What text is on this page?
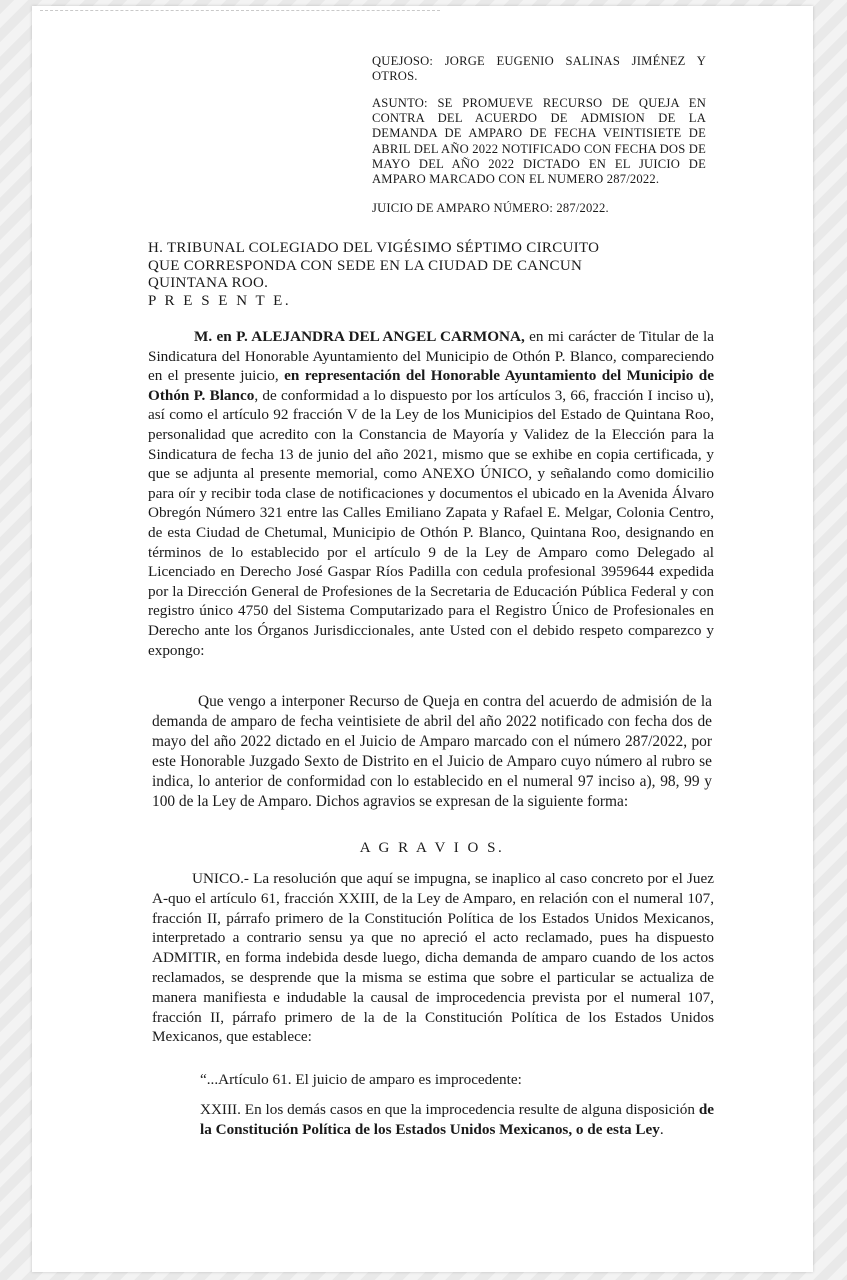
QUEJOSO: JORGE EUGENIO SALINAS JIMÉNEZ Y OTROS.

ASUNTO: SE PROMUEVE RECURSO DE QUEJA EN CONTRA DEL ACUERDO DE ADMISION DE LA DEMANDA DE AMPARO DE FECHA VEINTISIETE DE ABRIL DEL AÑO 2022 NOTIFICADO CON FECHA DOS DE MAYO DEL AÑO 2022 DICTADO EN EL JUICIO DE AMPARO MARCADO CON EL NUMERO 287/2022.

JUICIO DE AMPARO NÚMERO: 287/2022.

H. TRIBUNAL COLEGIADO DEL VIGÉSIMO SÉPTIMO CIRCUITO
QUE CORRESPONDA CON SEDE EN LA CIUDAD DE CANCUN
QUINTANA ROO.
P R E S E N T E.

M. en P. ALEJANDRA DEL ANGEL CARMONA, en mi carácter de Titular de la Sindicatura del Honorable Ayuntamiento del Municipio de Othón P. Blanco, compareciendo en el presente juicio, en representación del Honorable Ayuntamiento del Municipio de Othón P. Blanco, de conformidad a lo dispuesto por los artículos 3, 66, fracción I inciso u), así como el artículo 92 fracción V de la Ley de los Municipios del Estado de Quintana Roo, personalidad que acredito con la Constancia de Mayoría y Validez de la Elección para la Sindicatura de fecha 13 de junio del año 2021, mismo que se exhibe en copia certificada, y que se adjunta al presente memorial, como ANEXO ÚNICO, y señalando como domicilio para oír y recibir toda clase de notificaciones y documentos el ubicado en la Avenida Álvaro Obregón Número 321 entre las Calles Emiliano Zapata y Rafael E. Melgar, Colonia Centro, de esta Ciudad de Chetumal, Municipio de Othón P. Blanco, Quintana Roo, designando en términos de lo establecido por el artículo 9 de la Ley de Amparo como Delegado al Licenciado en Derecho José Gaspar Ríos Padilla con cedula profesional 3959644 expedida por la Dirección General de Profesiones de la Secretaria de Educación Pública Federal y con registro único 4750 del Sistema Computarizado para el Registro Único de Profesionales en Derecho ante los Órganos Jurisdiccionales, ante Usted con el debido respeto comparezco y expongo:

Que vengo a interponer Recurso de Queja en contra del acuerdo de admisión de la demanda de amparo de fecha veintisiete de abril del año 2022 notificado con fecha dos de mayo del año 2022 dictado en el Juicio de Amparo marcado con el número 287/2022, por este Honorable Juzgado Sexto de Distrito en el Juicio de Amparo cuyo número al rubro se indica, lo anterior de conformidad con lo establecido en el numeral 97 inciso a), 98, 99 y 100 de la Ley de Amparo. Dichos agravios se expresan de la siguiente forma:

A G R A V I O S.

UNICO.- La resolución que aquí se impugna, se inaplico al caso concreto por el Juez A-quo el artículo 61, fracción XXIII, de la Ley de Amparo, en relación con el numeral 107, fracción II, párrafo primero de la Constitución Política de los Estados Unidos Mexicanos, interpretado a contrario sensu ya que no apreció el acto reclamado, pues ha dispuesto ADMITIR, en forma indebida desde luego, dicha demanda de amparo cuando de los actos reclamados, se desprende que la misma se estima que sobre el particular se actualiza de manera manifiesta e indudable la causal de improcedencia prevista por el numeral 107, fracción II, párrafo primero de la de la Constitución Política de los Estados Unidos Mexicanos, que establece:

“...Artículo 61. El juicio de amparo es improcedente:

XXIII. En los demás casos en que la improcedencia resulte de alguna disposición de la Constitución Política de los Estados Unidos Mexicanos, o de esta Ley.
